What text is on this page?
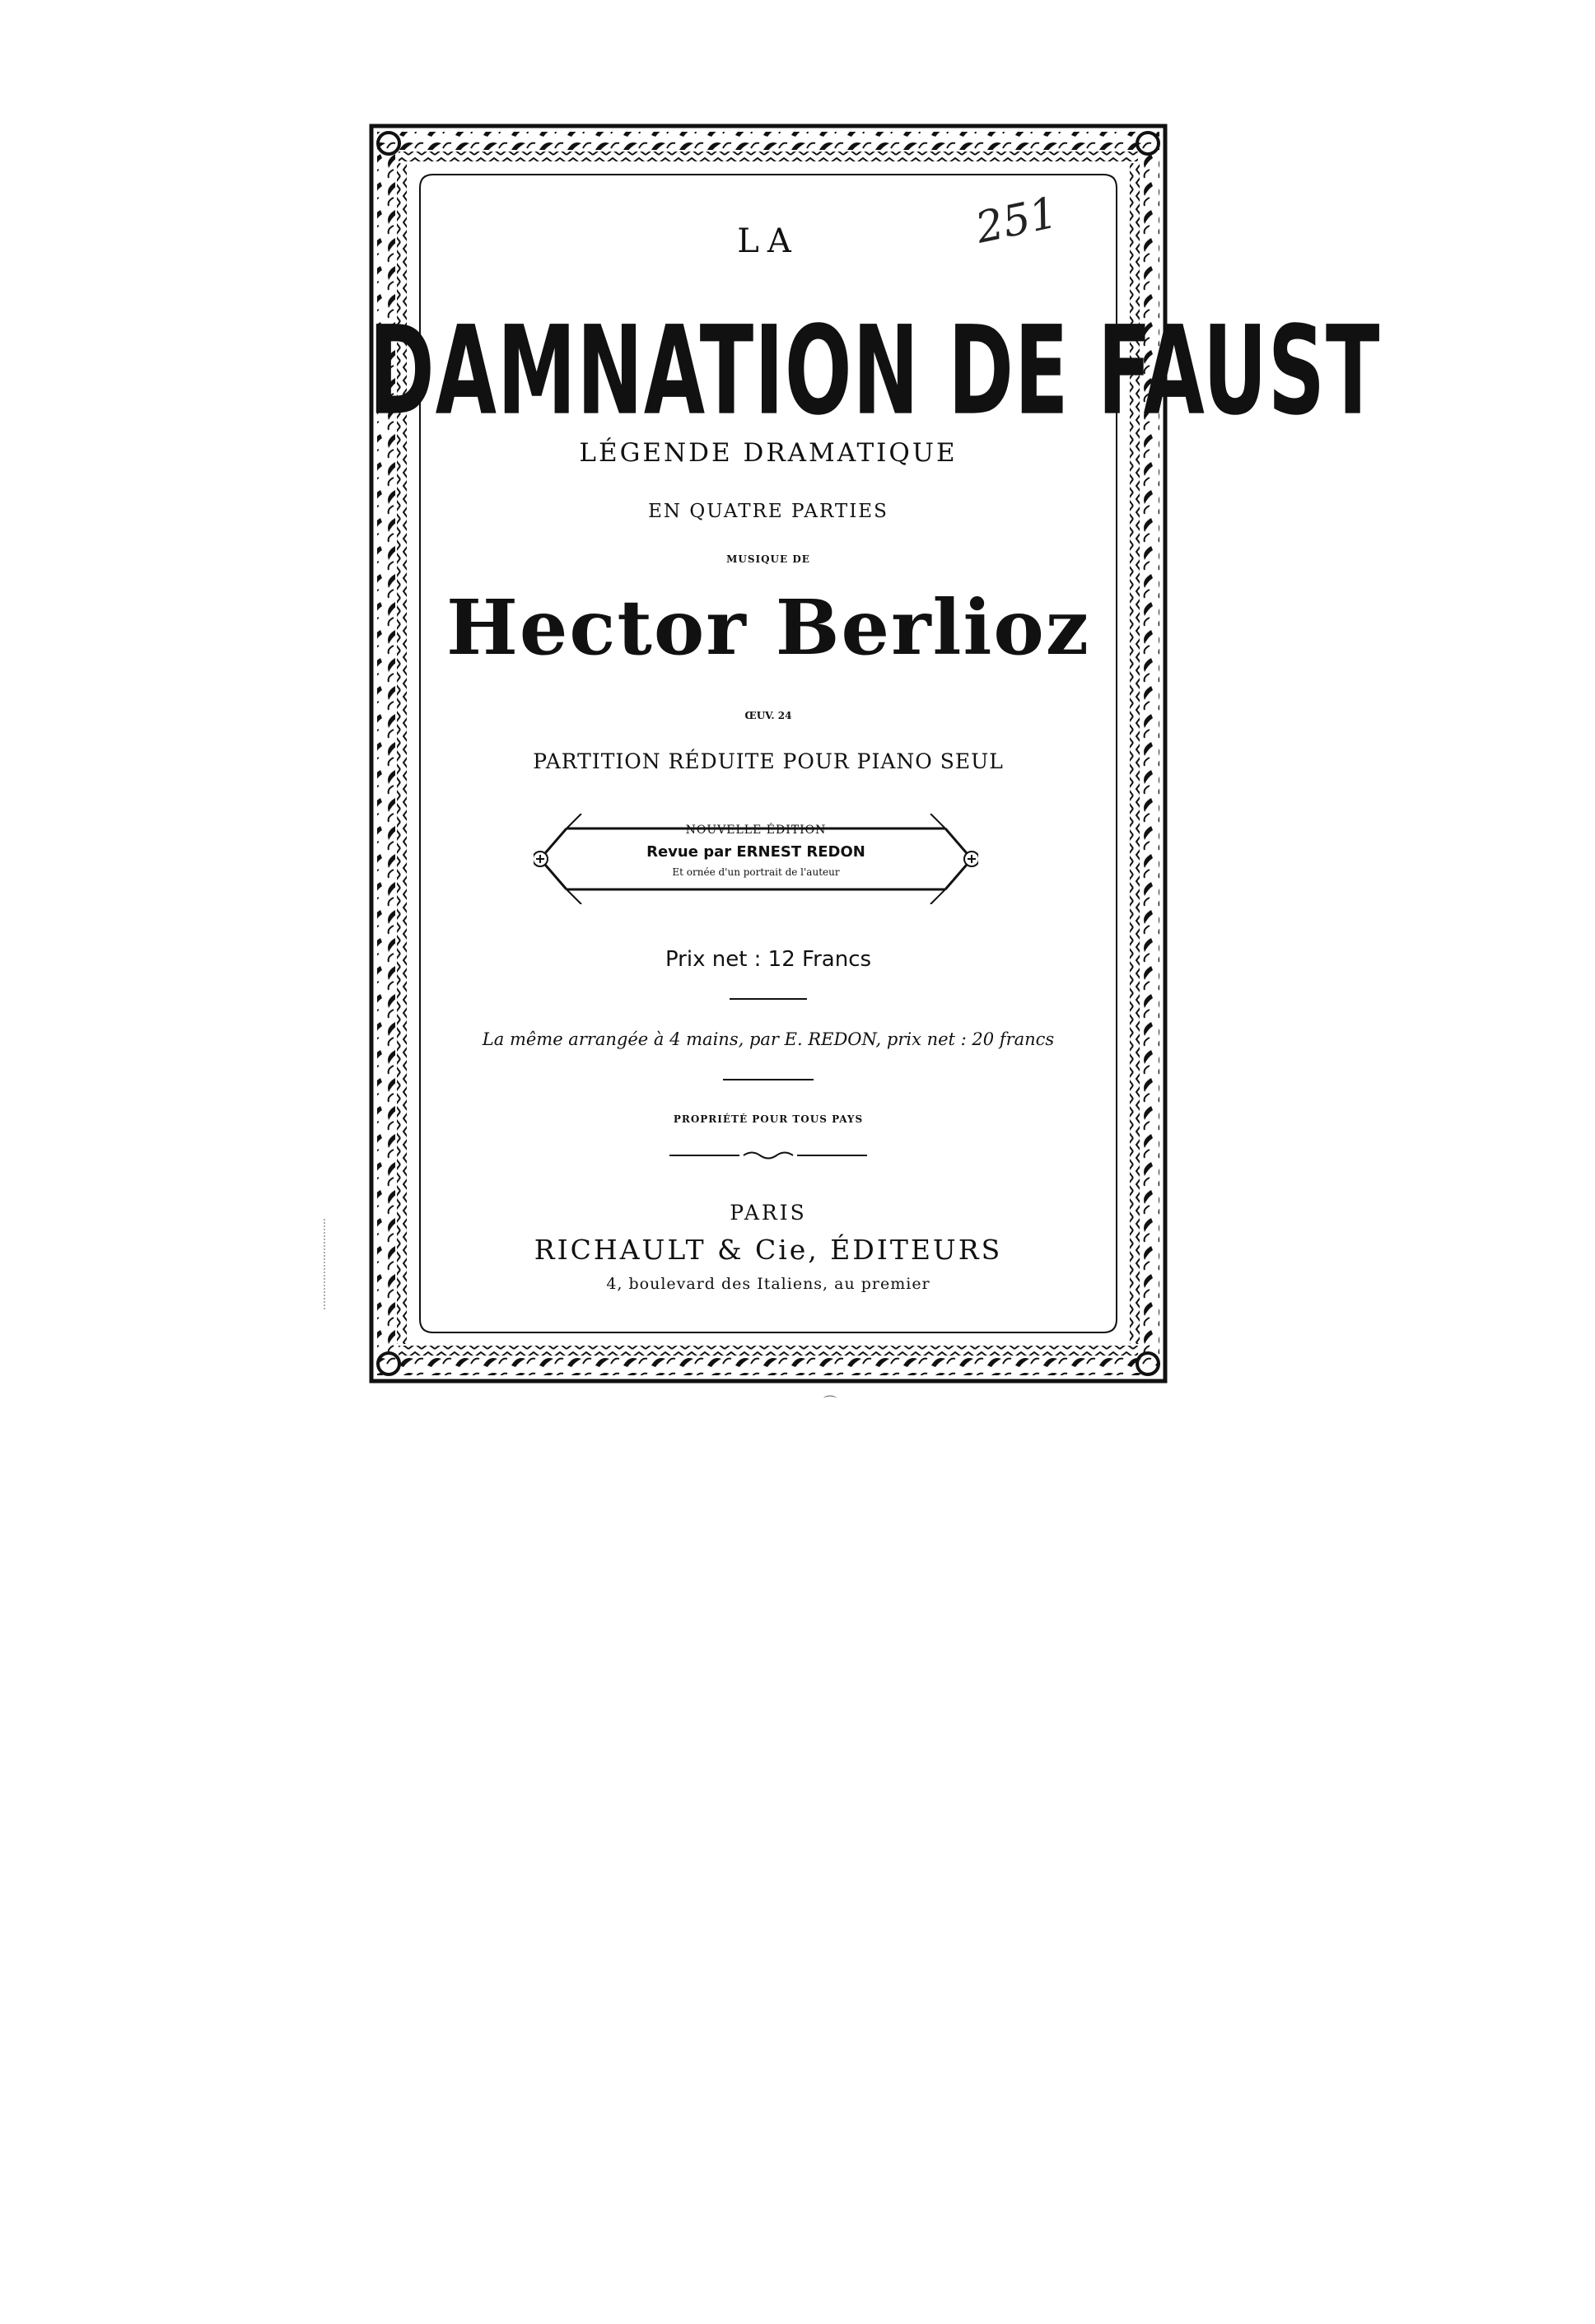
LA
DAMNATION DE FAUST
LÉGENDE DRAMATIQUE
EN QUATRE PARTIES
MUSIQUE DE
Hector Berlioz
ŒUV. 24
PARTITION RÉDUITE POUR PIANO SEUL
NOUVELLE ÉDITION
Revue par ERNEST REDON
Et ornée d'un portrait de l'auteur
Prix net : 12 Francs
La même arrangée à 4 mains, par E. REDON, prix net : 20 francs
PROPRIÉTÉ POUR TOUS PAYS
PARIS
RICHAULT & Cie, ÉDITEURS
4, boulevard des Italiens, au premier
251
⌒
